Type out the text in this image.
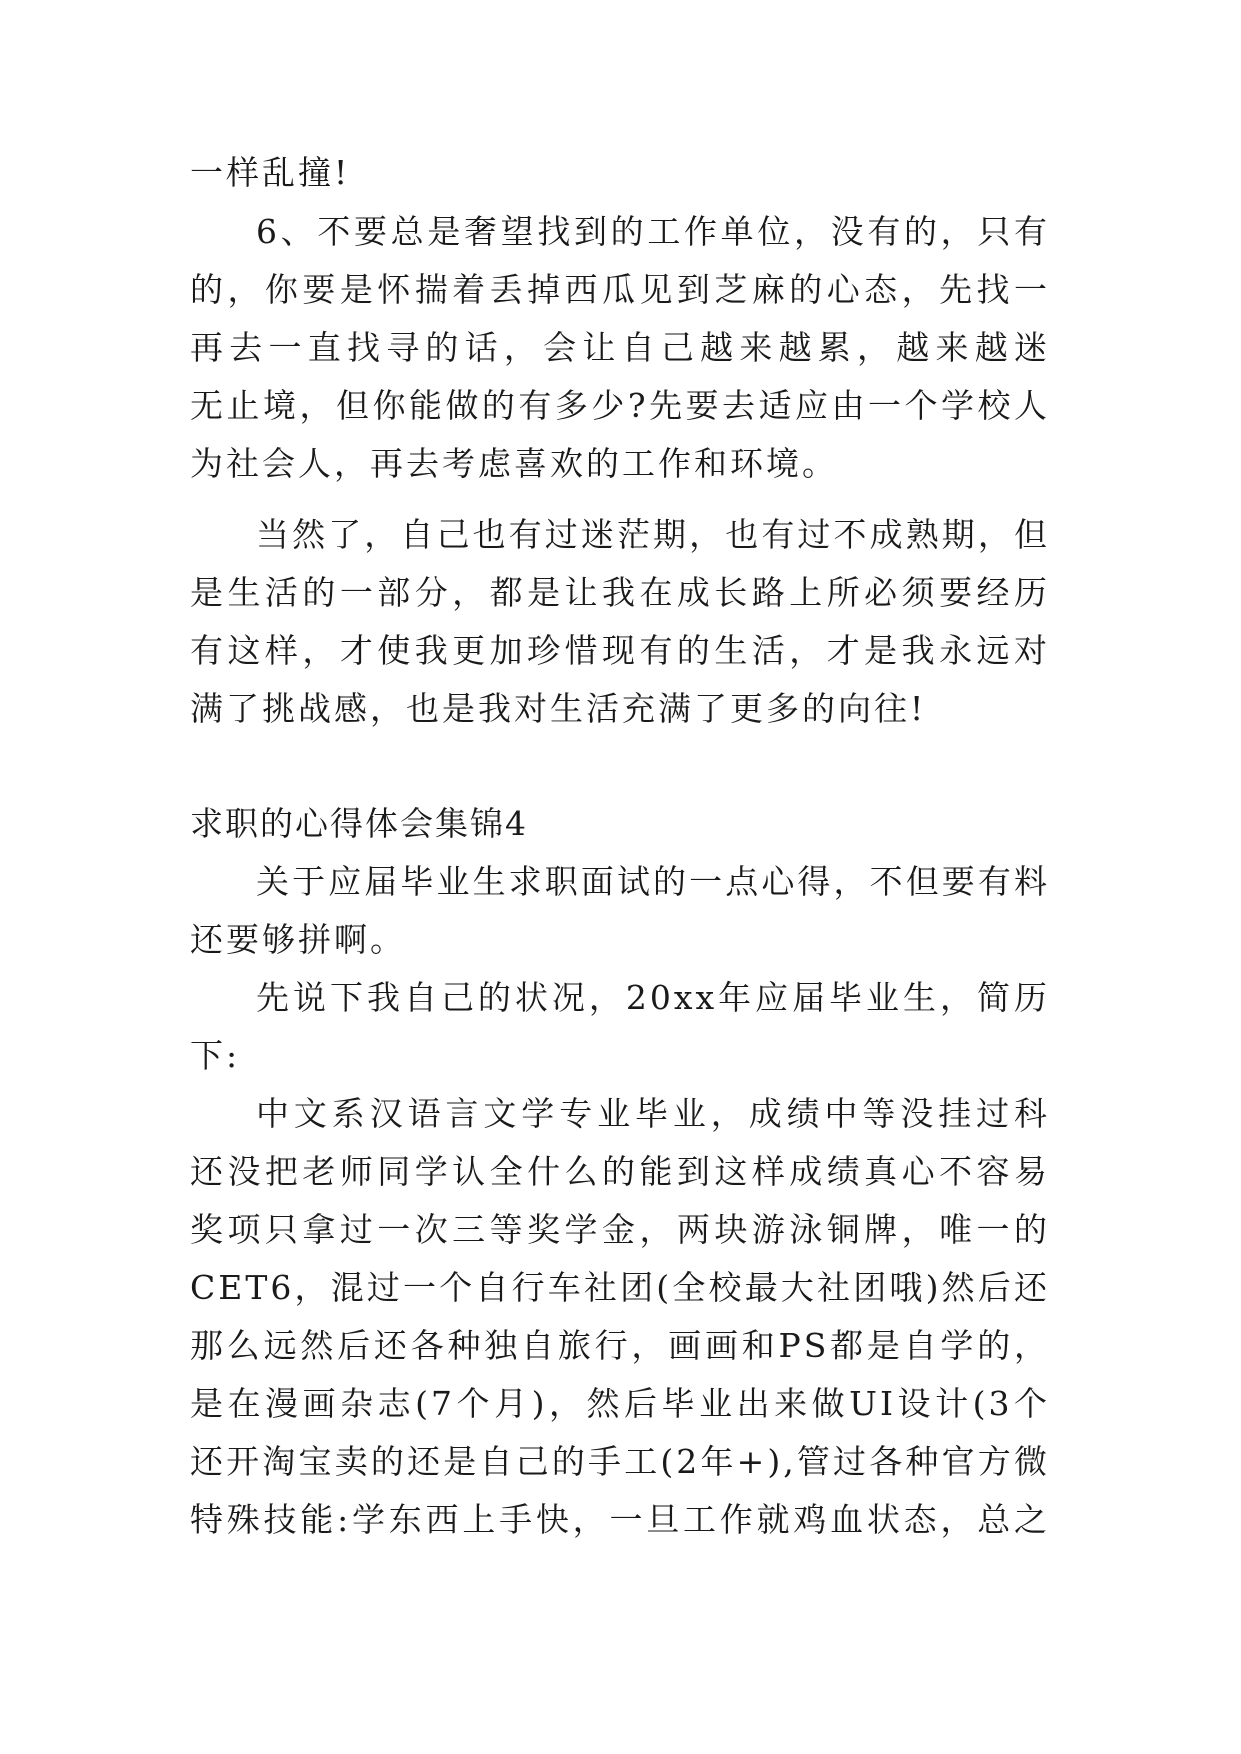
一样乱撞!
6、不要总是奢望找到的工作单位，没有的，只有
的，你要是怀揣着丢掉西瓜见到芝麻的心态，先找一
再去一直找寻的话，会让自己越来越累，越来越迷
无止境，但你能做的有多少?先要去适应由一个学校人
为社会人，再去考虑喜欢的工作和环境。
当然了，自己也有过迷茫期，也有过不成熟期，但
是生活的一部分，都是让我在成长路上所必须要经历
有这样，才使我更加珍惜现有的生活，才是我永远对
满了挑战感，也是我对生活充满了更多的向往!
求职的心得体会集锦4
关于应届毕业生求职面试的一点心得，不但要有料
还要够拼啊。
先说下我自己的状况，20xx年应届毕业生，简历
下:
中文系汉语言文学专业毕业，成绩中等没挂过科
还没把老师同学认全什么的能到这样成绩真心不容易
奖项只拿过一次三等奖学金，两块游泳铜牌，唯一的
CET6，混过一个自行车社团(全校最大社团哦)然后还
那么远然后还各种独自旅行，画画和PS都是自学的，
是在漫画杂志(7个月)，然后毕业出来做UI设计(3个
还开淘宝卖的还是自己的手工(2年+),管过各种官方微
特殊技能:学东西上手快，一旦工作就鸡血状态，总之
